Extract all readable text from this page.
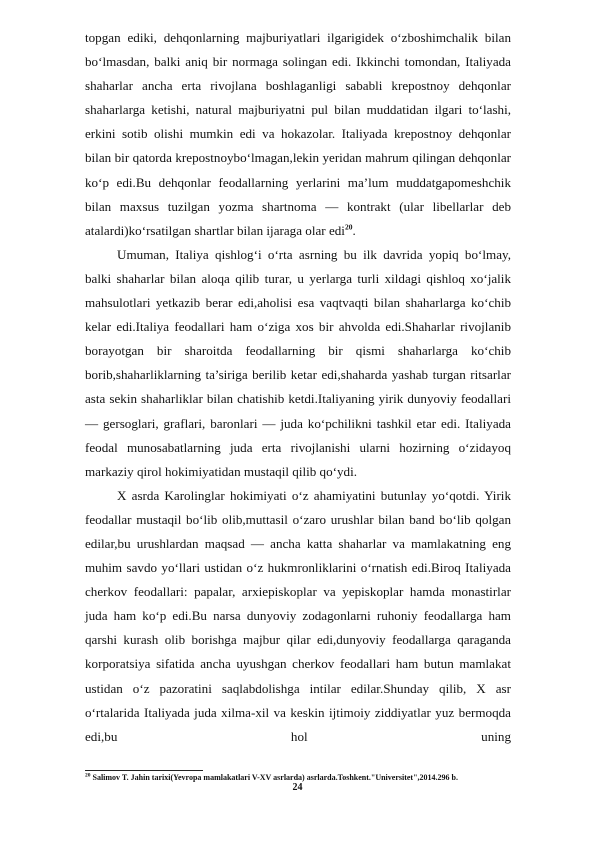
topgan ediki, dehqonlarning majburiyatlari ilgarigidek o‘zboshimchalik bilan bo‘lmasdan, balki aniq bir normaga solingan edi. Ikkinchi tomondan, Italiyada shaharlar ancha erta rivojlana boshlaganligi sababli krepostnoy dehqonlar shaharlarga ketishi, natural majburiyatni pul bilan muddatidan ilgari to‘lashi, erkini sotib olishi mumkin edi va hokazolar. Italiyada krepostnoy dehqonlar bilan bir qatorda krepostnoybo‘lmagan,lekin yeridan mahrum qilingan dehqonlar ko‘p edi.Bu dehqonlar feodallarning yerlarini ma’lum muddatgapomeshchik bilan maxsus tuzilgan yozma shartnoma — kontrakt (ular libellarlar deb atalardi)ko‘rsatilgan shartlar bilan ijaraga olar edi$^{20}$.

Umuman, Italiya qishlog‘i o‘rta asrning bu ilk davrida yopiq bo‘lmay, balki shaharlar bilan aloqa qilib turar, u yerlarga turli xildagi qishloq xo‘jalik mahsulotlari yetkazib berar edi,aholisi esa vaqtvaqti bilan shaharlarga ko‘chib kelar edi.Italiya feodallari ham o‘ziga xos bir ahvolda edi.Shaharlar rivojlanib borayotgan bir sharoitda feodallarning bir qismi shaharlarga ko‘chib borib,shaharliklarning ta’siriga berilib ketar edi,shaharda yashab turgan ritsarlar asta sekin shaharliklar bilan chatishib ketdi.Italiyaning yirik dunyoviy feodallari — gersoglari, graflari, baronlari — juda ko‘pchilikni tashkil etar edi. Italiyada feodal munosabatlarning juda erta rivojlanishi ularni hozirning o‘zidayoq markaziy qirol hokimiyatidan mustaqil qilib qo‘ydi.

X asrda Karolinglar hokimiyati o‘z ahamiyatini butunlay yo‘qotdi. Yirik feodallar mustaqil bo‘lib olib,muttasil o‘zaro urushlar bilan band bo‘lib qolgan edilar,bu urushlardan maqsad — ancha katta shaharlar va mamlakatning eng muhim savdo yo‘llari ustidan o‘z hukmronliklarini o‘rnatish edi.Biroq Italiyada cherkov feodallari: papalar, arxiepiskoplar va yepiskoplar hamda monastirlar juda ham ko‘p edi.Bu narsa dunyoviy zodagonlarni ruhoniy feodallarga ham qarshi kurash olib borishga majbur qilar edi,dunyoviy feodallarga qaraganda korporatsiya sifatida ancha uyushgan cherkov feodallari ham butun mamlakat ustidan o‘z pazoratini saqlabdolishga intilar edilar.Shunday qilib, X asr o‘rtalarida Italiyada juda xilma-xil va keskin ijtimoiy ziddiyatlar yuz bermoqda edi,bu hol uning

$^{20}$ Salimov T. Jahin tarixi(Yevropa mamlakatlari V-XV asrlarda) asrlarda.Toshkent."Universitet",2014.296 b.
24
